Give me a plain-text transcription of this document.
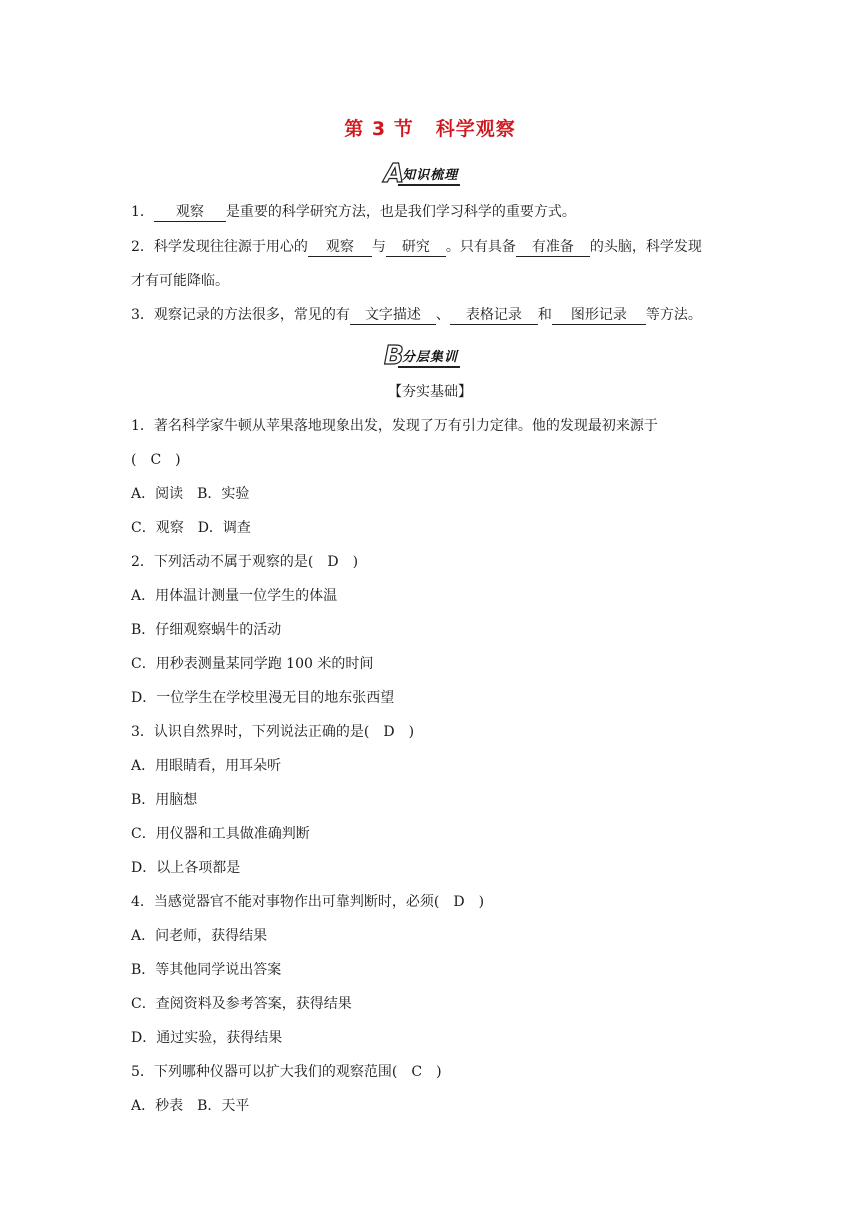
第 3 节 科学观察
A
知识梳理
1． 观察 是重要的科学研究方法，也是我们学习科学的重要方式。
2．科学发现往往源于用心的 观察 与 研究 。只有具备 有准备 的头脑，科学发现
才有可能降临。
3．观察记录的方法很多，常见的有 文字描述 、 表格记录 和 图形记录 等方法。
B
分层集训
【夯实基础】
1．著名科学家牛顿从苹果落地现象出发，发现了万有引力定律。他的发现最初来源于
(　C　)
A．阅读　B．实验
C．观察　D．调查
2．下列活动不属于观察的是(　D　)
A．用体温计测量一位学生的体温
B．仔细观察蜗牛的活动
C．用秒表测量某同学跑 100 米的时间
D．一位学生在学校里漫无目的地东张西望
3．认识自然界时，下列说法正确的是(　D　)
A．用眼睛看，用耳朵听
B．用脑想
C．用仪器和工具做准确判断
D．以上各项都是
4．当感觉器官不能对事物作出可靠判断时，必须(　D　)
A．问老师，获得结果
B．等其他同学说出答案
C．查阅资料及参考答案，获得结果
D．通过实验，获得结果
5．下列哪种仪器可以扩大我们的观察范围(　C　)
A．秒表　B．天平
